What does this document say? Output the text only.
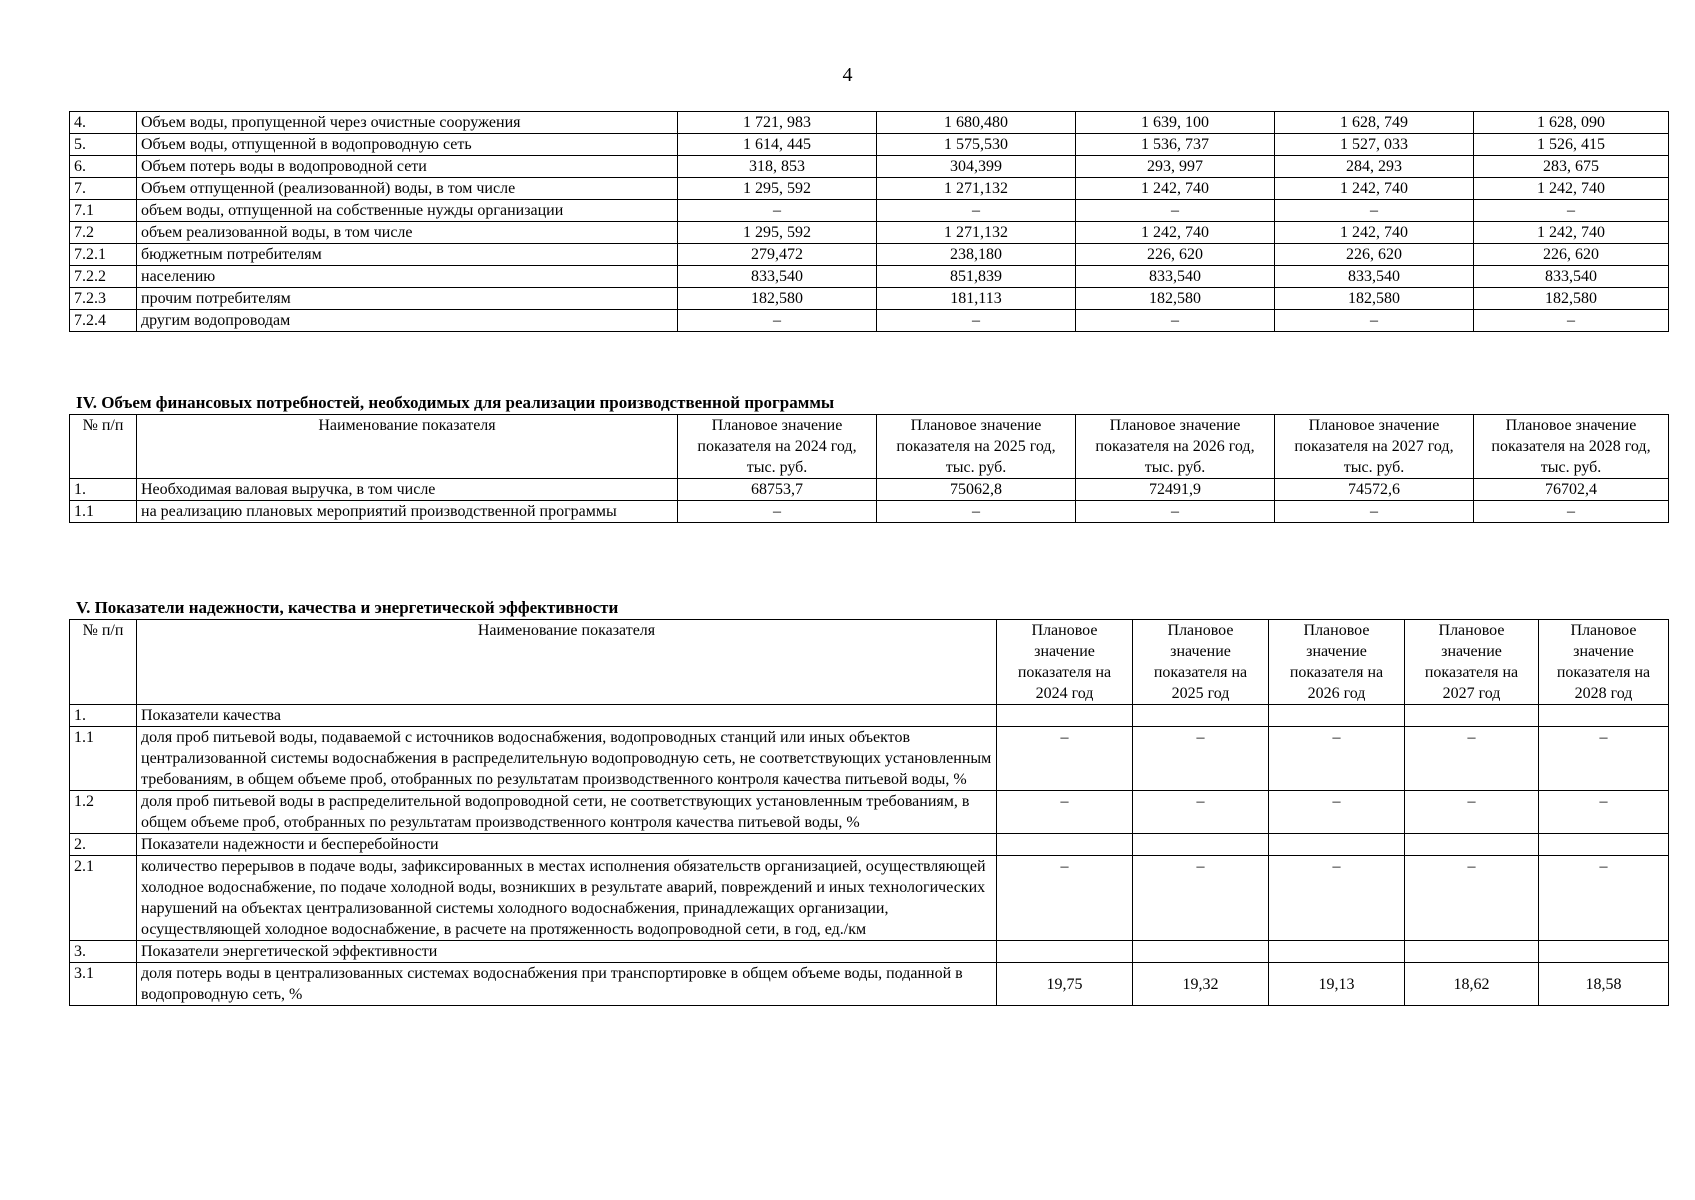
4
4.	Объем воды, пропущенной через очистные сооружения	1 721, 983	1 680,480	1 639, 100	1 628, 749	1 628, 090
5.	Объем воды, отпущенной в водопроводную сеть	1 614, 445	1 575,530	1 536, 737	1 527, 033	1 526, 415
6.	Объем потерь воды в водопроводной сети	318, 853	304,399	293, 997	284, 293	283, 675
7.	Объем отпущенной (реализованной) воды, в том числе	1 295, 592	1 271,132	1 242, 740	1 242, 740	1 242, 740
7.1	объем воды, отпущенной на собственные нужды организации	–	–	–	–	–
7.2	объем реализованной воды, в том числе	1 295, 592	1 271,132	1 242, 740	1 242, 740	1 242, 740
7.2.1	бюджетным потребителям	279,472	238,180	226, 620	226, 620	226, 620
7.2.2	населению	833,540	851,839	833,540	833,540	833,540
7.2.3	прочим потребителям	182,580	181,113	182,580	182,580	182,580
7.2.4	другим водопроводам	–	–	–	–	–
IV. Объем финансовых потребностей, необходимых для реализации производственной программы
№ п/п	Наименование показателя	Плановое значение показателя на 2024 год, тыс. руб.	Плановое значение показателя на 2025 год, тыс. руб.	Плановое значение показателя на 2026 год, тыс. руб.	Плановое значение показателя на 2027 год, тыс. руб.	Плановое значение показателя на 2028 год, тыс. руб.
1.	Необходимая валовая выручка, в том числе	68753,7	75062,8	72491,9	74572,6	76702,4
1.1	на реализацию плановых мероприятий производственной программы	–	–	–	–	–
V. Показатели надежности, качества и энергетической эффективности
№ п/п	Наименование показателя	Плановое значение показателя на 2024 год	Плановое значение показателя на 2025 год	Плановое значение показателя на 2026 год	Плановое значение показателя на 2027 год	Плановое значение показателя на 2028 год
1.	Показатели качества					
1.1	доля проб питьевой воды, подаваемой с источников водоснабжения, водопроводных станций или иных объектов централизованной системы водоснабжения в распределительную водопроводную сеть, не соответствующих установленным требованиям, в общем объеме проб, отобранных по результатам производственного контроля качества питьевой воды, %	–	–	–	–	–
1.2	доля проб питьевой воды в распределительной водопроводной сети, не соответствующих установленным требованиям, в общем объеме проб, отобранных по результатам производственного контроля качества питьевой воды, %	–	–	–	–	–
2.	Показатели надежности и бесперебойности					
2.1	количество перерывов в подаче воды, зафиксированных в местах исполнения обязательств организацией, осуществляющей холодное водоснабжение, по подаче холодной воды, возникших в результате аварий, повреждений и иных технологических нарушений на объектах централизованной системы холодного водоснабжения, принадлежащих организации, осуществляющей холодное водоснабжение, в расчете на протяженность водопроводной сети, в год, ед./км	–	–	–	–	–
3.	Показатели энергетической эффективности					
3.1	доля потерь воды в централизованных системах водоснабжения при транспортировке в общем объеме воды, поданной в водопроводную сеть, %	19,75	19,32	19,13	18,62	18,58
